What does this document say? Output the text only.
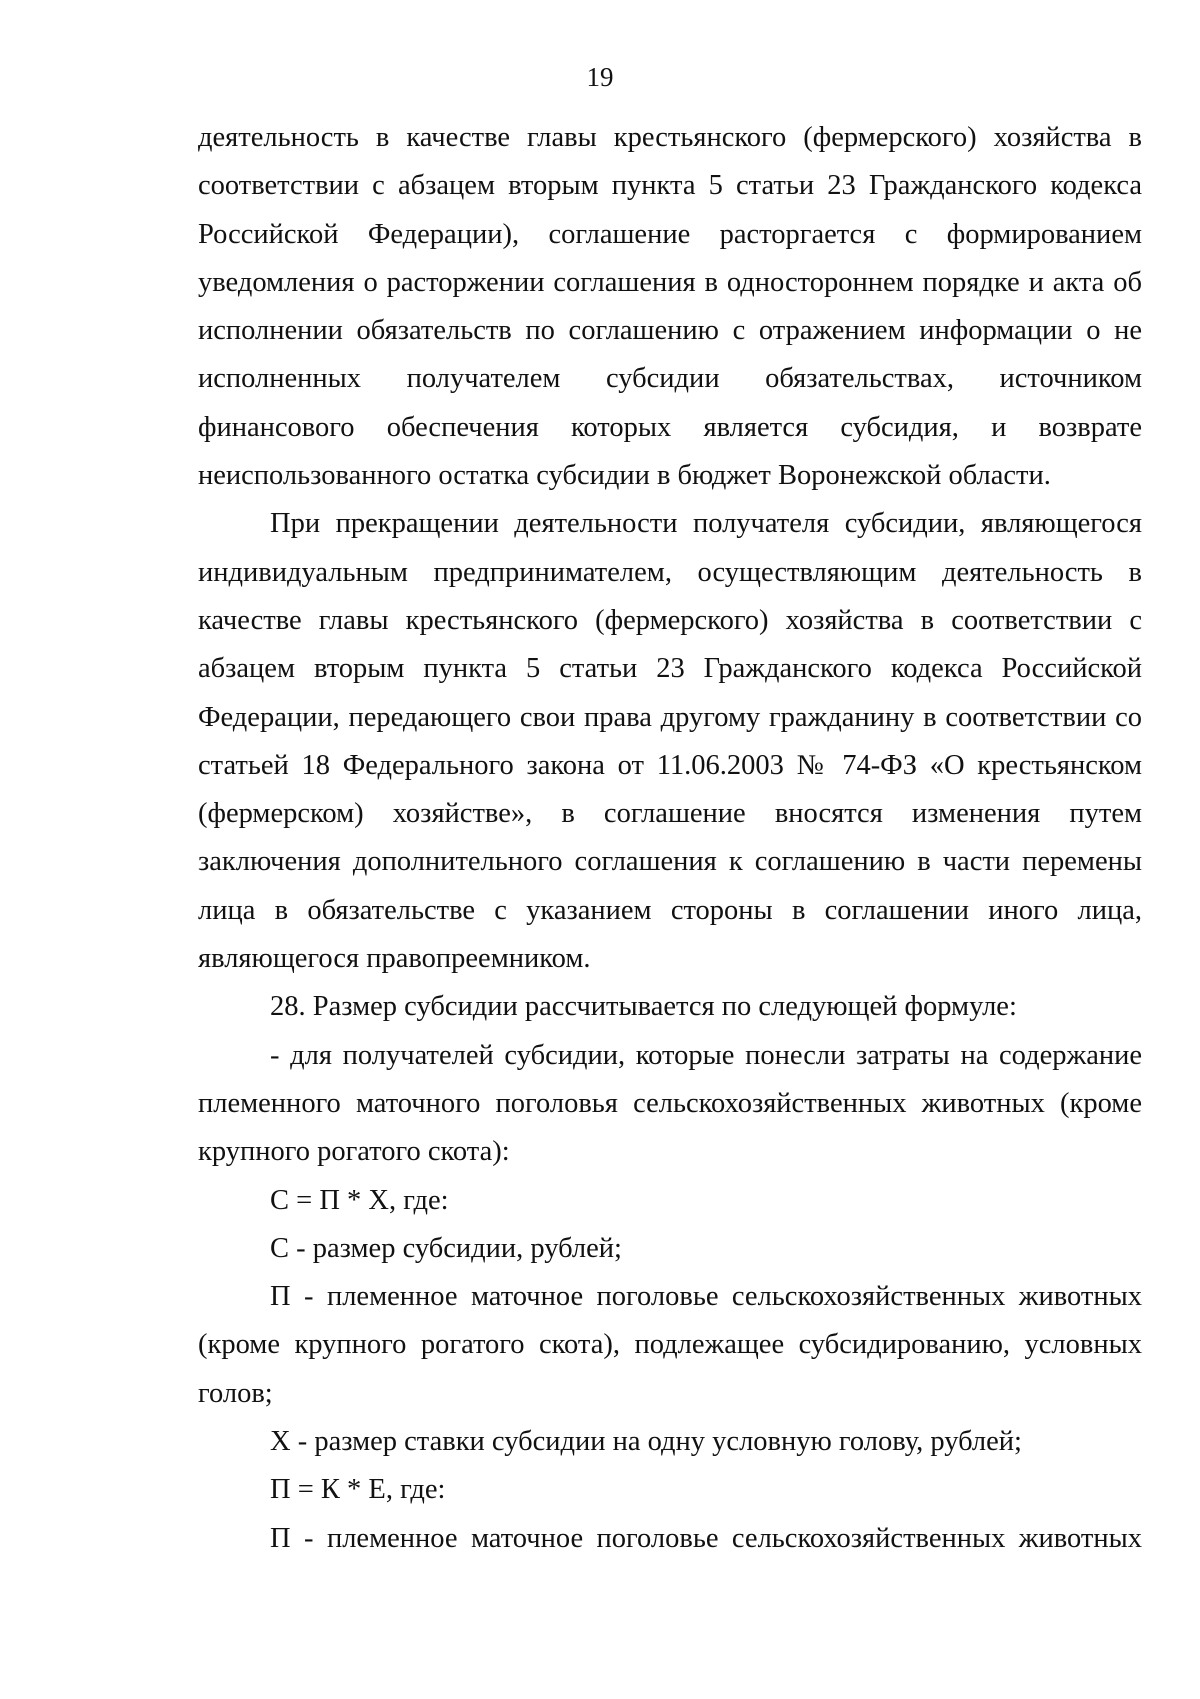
19
деятельность в качестве главы крестьянского (фермерского) хозяйства в
соответствии с абзацем вторым пункта 5 статьи 23 Гражданского кодекса
Российской Федерации), соглашение расторгается с формированием
уведомления о расторжении соглашения в одностороннем порядке и акта об
исполнении обязательств по соглашению с отражением информации о не
исполненных получателем субсидии обязательствах, источником
финансового обеспечения которых является субсидия, и возврате
неиспользованного остатка субсидии в бюджет Воронежской области.
При прекращении деятельности получателя субсидии, являющегося
индивидуальным предпринимателем, осуществляющим деятельность в
качестве главы крестьянского (фермерского) хозяйства в соответствии с
абзацем вторым пункта 5 статьи 23 Гражданского кодекса Российской
Федерации, передающего свои права другому гражданину в соответствии со
статьей 18 Федерального закона от 11.06.2003 № 74-ФЗ «О крестьянском
(фермерском) хозяйстве», в соглашение вносятся изменения путем
заключения дополнительного соглашения к соглашению в части перемены
лица в обязательстве с указанием стороны в соглашении иного лица,
являющегося правопреемником.
28. Размер субсидии рассчитывается по следующей формуле:
- для получателей субсидии, которые понесли затраты на содержание
племенного маточного поголовья сельскохозяйственных животных (кроме
крупного рогатого скота):
С = П * Х, где:
С - размер субсидии, рублей;
П - племенное маточное поголовье сельскохозяйственных животных
(кроме крупного рогатого скота), подлежащее субсидированию, условных
голов;
Х - размер ставки субсидии на одну условную голову, рублей;
П = К * Е, где:
П - племенное маточное поголовье сельскохозяйственных животных
